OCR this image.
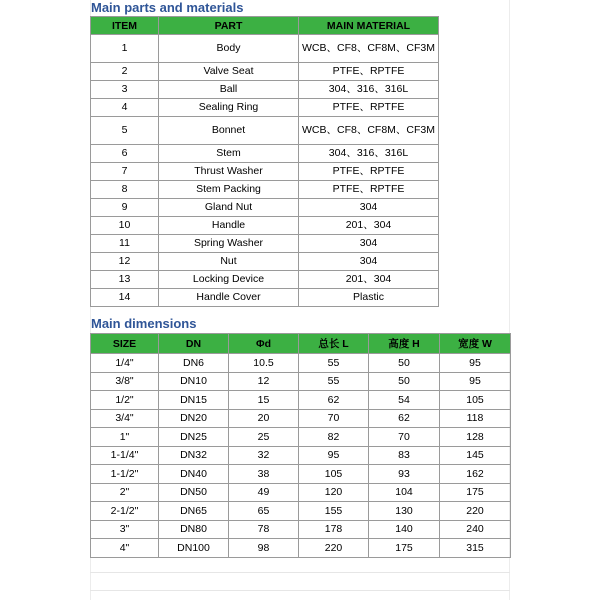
Main parts and materials
ITEM	PART	MAIN MATERIAL
1	Body	WCB、CF8、CF8M、CF3M
2	Valve Seat	PTFE、RPTFE
3	Ball	304、316、316L
4	Sealing Ring	PTFE、RPTFE
5	Bonnet	WCB、CF8、CF8M、CF3M
6	Stem	304、316、316L
7	Thrust Washer	PTFE、RPTFE
8	Stem Packing	PTFE、RPTFE
9	Gland Nut	304
10	Handle	201、304
11	Spring Washer	304
12	Nut	304
13	Locking Device	201、304
14	Handle Cover	Plastic
Main dimensions
SIZE	DN	Φd	总长 L	高度 H	宽度 W
1/4"	DN6	10.5	55	50	95
3/8"	DN10	12	55	50	95
1/2"	DN15	15	62	54	105
3/4"	DN20	20	70	62	118
1"	DN25	25	82	70	128
1-1/4"	DN32	32	95	83	145
1-1/2"	DN40	38	105	93	162
2"	DN50	49	120	104	175
2-1/2"	DN65	65	155	130	220
3"	DN80	78	178	140	240
4"	DN100	98	220	175	315
